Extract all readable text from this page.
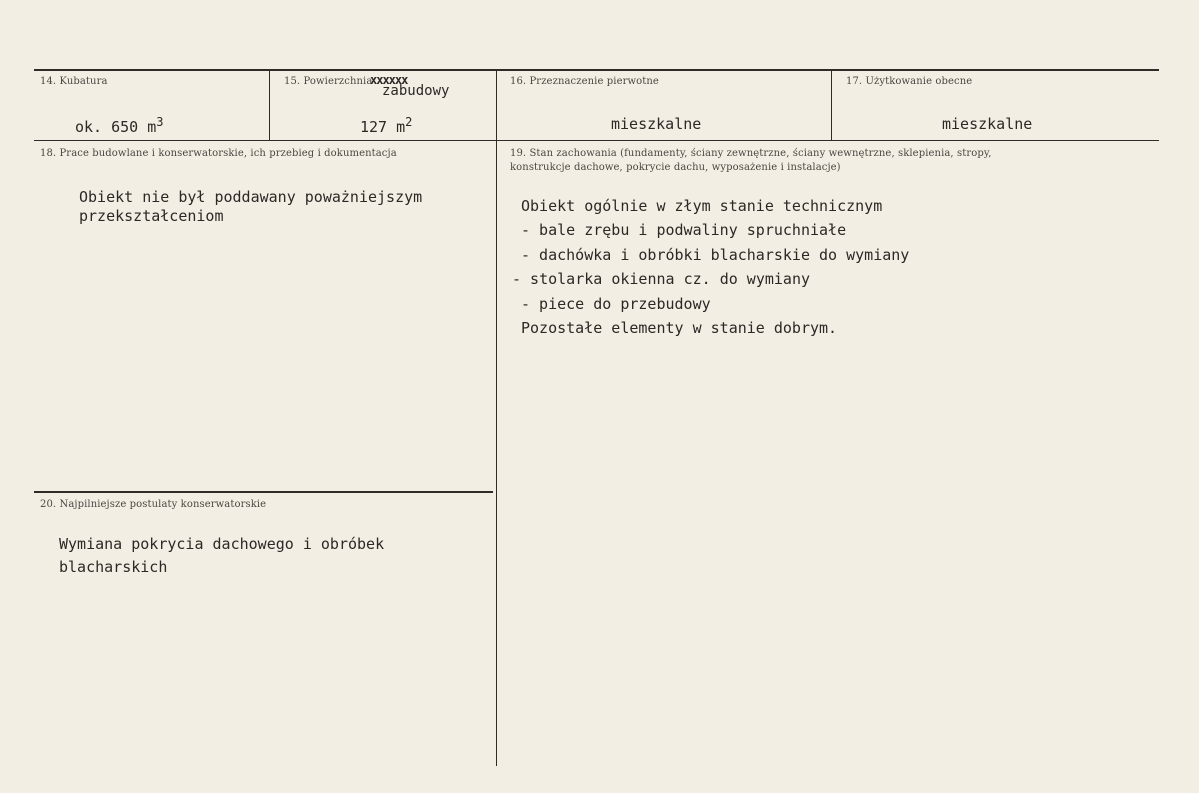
14. Kubatura
ok. 650 $m^3$
15. Powierzchnia
xxxxxx
zabudowy
127 $m^2$
16. Przeznaczenie pierwotne
mieszkalne
17. Użytkowanie obecne
mieszkalne
18. Prace budowlane i konserwatorskie, ich przebieg i dokumentacja
Obiekt nie był poddawany poważniejszym
przekształceniom
19. Stan zachowania (fundamenty, ściany zewnętrzne, ściany wewnętrzne, sklepienia, stropy,
konstrukcje dachowe, pokrycie dachu, wyposażenie i instalacje)
Obiekt ogólnie w złym stanie technicznym
- bale zrębu i podwaliny spruchniałe
- dachówka i obróbki blacharskie do wymiany
- stolarka okienna cz. do wymiany
- piece do przebudowy
Pozostałe elementy w stanie dobrym.
20. Najpilniejsze postulaty konserwatorskie
Wymiana pokrycia dachowego i obróbek
blacharskich
